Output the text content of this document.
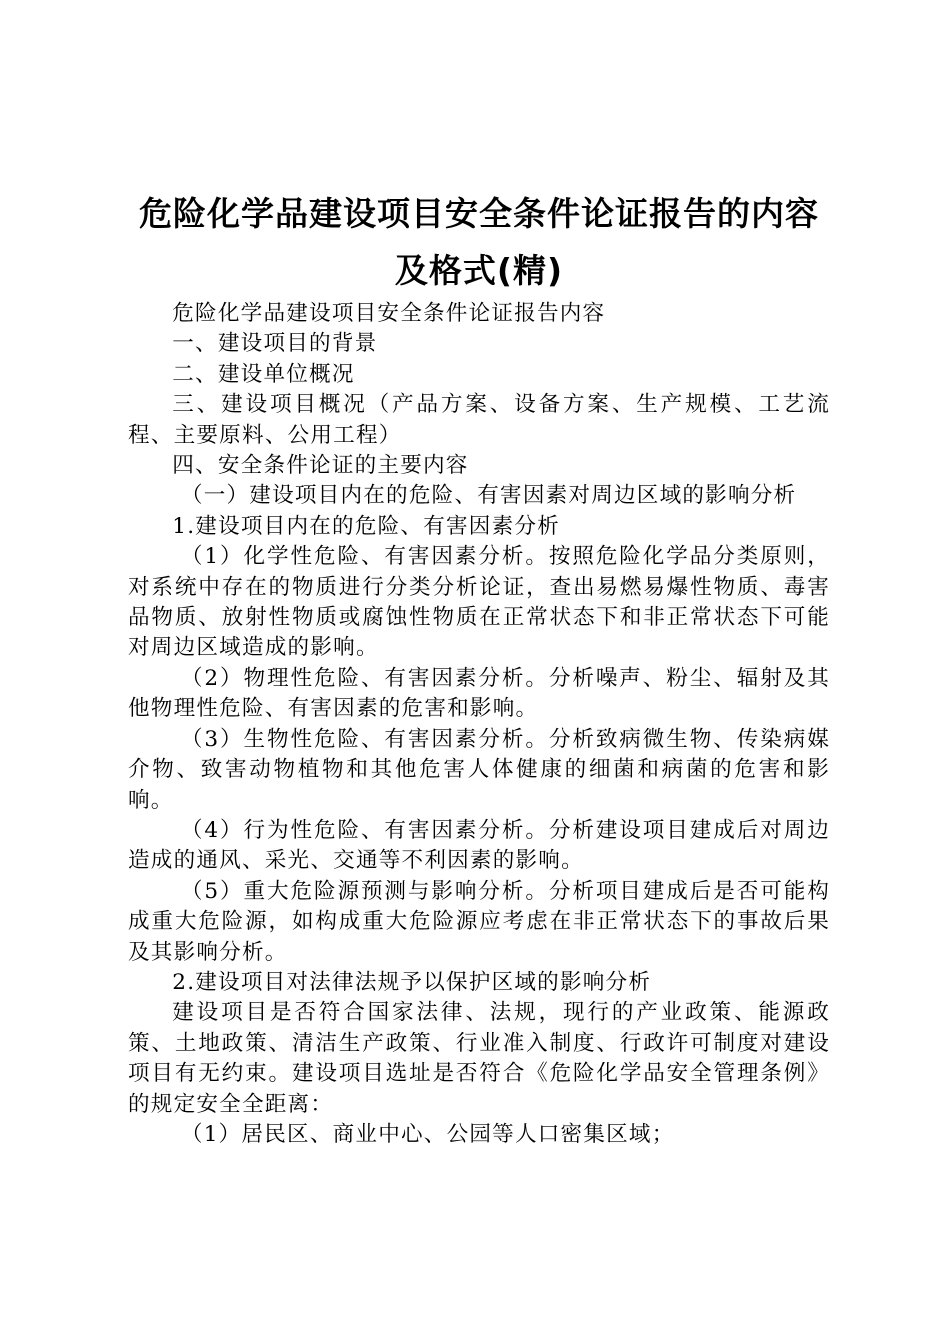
危险化学品建设项目安全条件论证报告的内容
及格式(精)

危险化学品建设项目安全条件论证报告内容

一、建设项目的背景

二、建设单位概况

三、建设项目概况（产品方案、设备方案、生产规模、工艺流程、主要原料、公用工程）

四、安全条件论证的主要内容

（一）建设项目内在的危险、有害因素对周边区域的影响分析

1.建设项目内在的危险、有害因素分析

（1）化学性危险、有害因素分析。按照危险化学品分类原则，对系统中存在的物质进行分类分析论证，查出易燃易爆性物质、毒害品物质、放射性物质或腐蚀性物质在正常状态下和非正常状态下可能对周边区域造成的影响。

（2）物理性危险、有害因素分析。分析噪声、粉尘、辐射及其他物理性危险、有害因素的危害和影响。

（3）生物性危险、有害因素分析。分析致病微生物、传染病媒介物、致害动物植物和其他危害人体健康的细菌和病菌的危害和影响。

（4）行为性危险、有害因素分析。分析建设项目建成后对周边造成的通风、采光、交通等不利因素的影响。

（5）重大危险源预测与影响分析。分析项目建成后是否可能构成重大危险源，如构成重大危险源应考虑在非正常状态下的事故后果及其影响分析。

2.建设项目对法律法规予以保护区域的影响分析

建设项目是否符合国家法律、法规，现行的产业政策、能源政策、土地政策、清洁生产政策、行业准入制度、行政许可制度对建设项目有无约束。建设项目选址是否符合《危险化学品安全管理条例》的规定安全全距离：

（1）居民区、商业中心、公园等人口密集区域；
